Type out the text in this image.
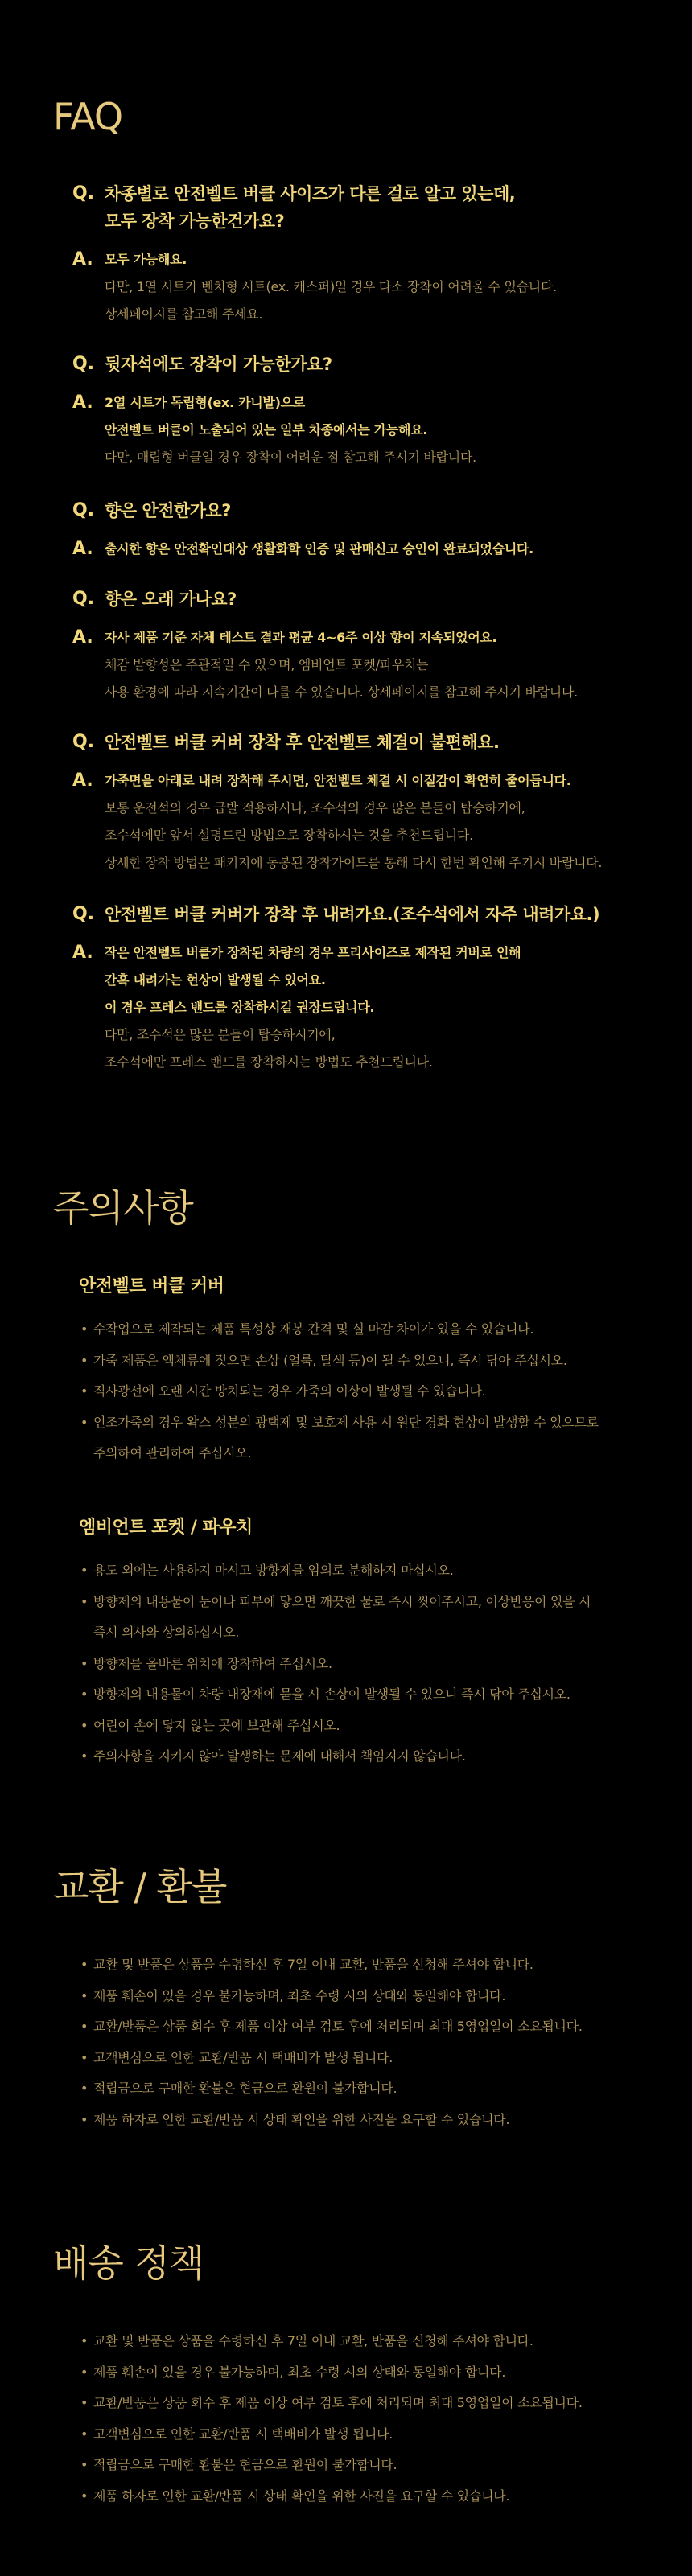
FAQ
Q. 차종별로 안전벨트 버클 사이즈가 다른 걸로 알고 있는데,
모두 장착 가능한건가요?
A. 모두 가능해요.
다만, 1열 시트가 벤치형 시트(ex. 캐스퍼)일 경우 다소 장착이 어려울 수 있습니다.
상세페이지를 참고해 주세요.
Q. 뒷자석에도 장착이 가능한가요?
A. 2열 시트가 독립형(ex. 카니발)으로
안전벨트 버클이 노출되어 있는 일부 차종에서는 가능해요.
다만, 매립형 버클일 경우 장착이 어려운 점 참고해 주시기 바랍니다.
Q. 향은 안전한가요?
A. 출시한 향은 안전확인대상 생활화학 인증 및 판매신고 승인이 완료되었습니다.
Q. 향은 오래 가나요?
A. 자사 제품 기준 자체 테스트 결과 평균 4~6주 이상 향이 지속되었어요.
체감 발향성은 주관적일 수 있으며, 엠비언트 포켓/파우치는
사용 환경에 따라 지속기간이 다를 수 있습니다. 상세페이지를 참고해 주시기 바랍니다.
Q. 안전벨트 버클 커버 장착 후 안전벨트 체결이 불편해요.
A. 가죽면을 아래로 내려 장착해 주시면, 안전벨트 체결 시 이질감이 확연히 줄어듭니다.
보통 운전석의 경우 급발 적용하시나, 조수석의 경우 많은 분들이 탑승하기에,
조수석에만 앞서 설명드린 방법으로 장착하시는 것을 추천드립니다.
상세한 장착 방법은 패키지에 동봉된 장착가이드를 통해 다시 한번 확인해 주기시 바랍니다.
Q. 안전벨트 버클 커버가 장착 후 내려가요.(조수석에서 자주 내려가요.)
A. 작은 안전벨트 버클가 장착된 차량의 경우 프리사이즈로 제작된 커버로 인해
간혹 내려가는 현상이 발생될 수 있어요.
이 경우 프레스 밴드를 장착하시길 권장드립니다.
다만, 조수석은 많은 분들이 탑승하시기에,
조수석에만 프레스 밴드를 장착하시는 방법도 추천드립니다.
주의사항
안전벨트 버클 커버
• 수작업으로 제작되는 제품 특성상 재봉 간격 및 실 마감 차이가 있을 수 있습니다.
• 가죽 제품은 액체류에 젖으면 손상 (얼룩, 탈색 등)이 될 수 있으니, 즉시 닦아 주십시오.
• 직사광선에 오랜 시간 방치되는 경우 가죽의 이상이 발생될 수 있습니다.
• 인조가죽의 경우 왁스 성분의 광택제 및 보호제 사용 시 원단 경화 현상이 발생할 수 있으므로
주의하여 관리하여 주십시오.
엠비언트 포켓 / 파우치
• 용도 외에는 사용하지 마시고 방향제를 임의로 분해하지 마십시오.
• 방향제의 내용물이 눈이나 피부에 닿으면 깨끗한 물로 즉시 씻어주시고, 이상반응이 있을 시
즉시 의사와 상의하십시오.
• 방향제를 올바른 위치에 장착하여 주십시오.
• 방향제의 내용물이 차량 내장재에 묻을 시 손상이 발생될 수 있으니 즉시 닦아 주십시오.
• 어린이 손에 닿지 않는 곳에 보관해 주십시오.
• 주의사항을 지키지 않아 발생하는 문제에 대해서 책임지지 않습니다.
교환 / 환불
• 교환 및 반품은 상품을 수령하신 후 7일 이내 교환, 반품을 신청해 주셔야 합니다.
• 제품 훼손이 있을 경우 불가능하며, 최초 수령 시의 상태와 동일해야 합니다.
• 교환/반품은 상품 회수 후 제품 이상 여부 검토 후에 처리되며 최대 5영업일이 소요됩니다.
• 고객변심으로 인한 교환/반품 시 택배비가 발생 됩니다.
• 적립금으로 구매한 환불은 현금으로 환원이 불가합니다.
• 제품 하자로 인한 교환/반품 시 상태 확인을 위한 사진을 요구할 수 있습니다.
배송 정책
• 교환 및 반품은 상품을 수령하신 후 7일 이내 교환, 반품을 신청해 주셔야 합니다.
• 제품 훼손이 있을 경우 불가능하며, 최초 수령 시의 상태와 동일해야 합니다.
• 교환/반품은 상품 회수 후 제품 이상 여부 검토 후에 처리되며 최대 5영업일이 소요됩니다.
• 고객변심으로 인한 교환/반품 시 택배비가 발생 됩니다.
• 적립금으로 구매한 환불은 현금으로 환원이 불가합니다.
• 제품 하자로 인한 교환/반품 시 상태 확인을 위한 사진을 요구할 수 있습니다.
